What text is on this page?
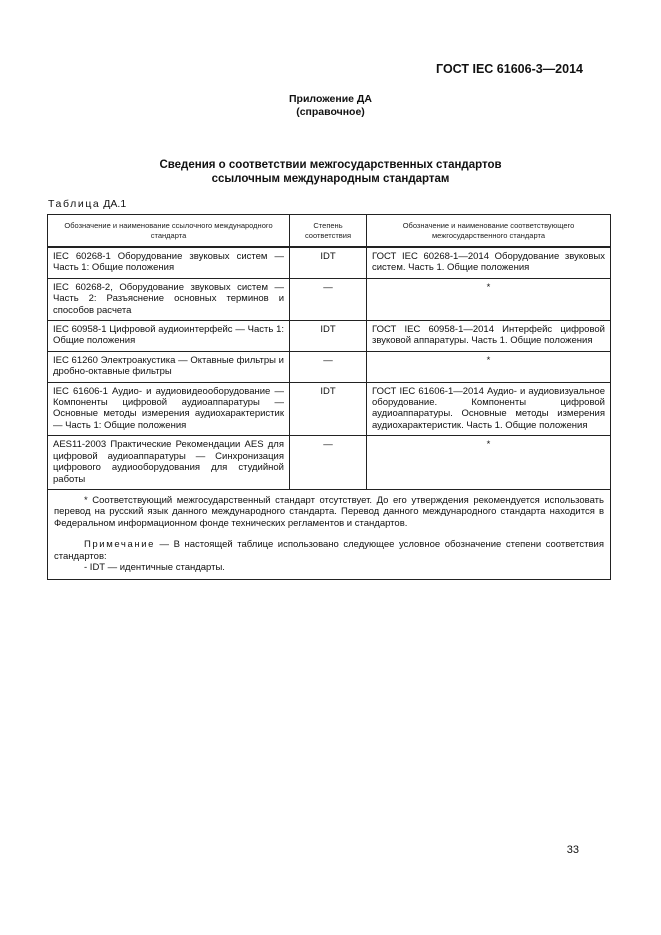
ГОСТ IEC 61606-3—2014
Приложение ДА
(справочное)
Сведения о соответствии межгосударственных стандартов
ссылочным международным стандартам
Таблица ДА.1
Обозначение и наименование ссылочного международного стандарта	Степень соответствия	Обозначение и наименование соответствующего межгосударственного стандарта
IEC 60268-1 Оборудование звуковых систем — Часть 1: Общие положения	IDT	ГОСТ IEC 60268-1—2014 Оборудование звуковых систем. Часть 1. Общие положения
IEC 60268-2, Оборудование звуковых систем — Часть 2: Разъяснение основных терминов и способов расчета	—	*
IEC 60958-1 Цифровой аудиоинтерфейс — Часть 1: Общие положения	IDT	ГОСТ IEC 60958-1—2014 Интерфейс цифровой звуковой аппаратуры. Часть 1. Общие положения
IEC 61260 Электроакустика — Октавные фильтры и дробно-октавные фильтры	—	*
IEC 61606-1 Аудио- и аудиовидеооборудование — Компоненты цифровой аудиоаппаратуры — Основные методы измерения аудиохарактеристик — Часть 1: Общие положения	IDT	ГОСТ IEC 61606-1—2014 Аудио- и аудиовизуальное оборудование. Компоненты цифровой аудиоаппаратуры. Основные методы измерения аудиохарактеристик. Часть 1. Общие положения
AES11-2003 Практические Рекомендации AES для цифровой аудиоаппаратуры — Синхронизация цифрового аудиооборудования для студийной работы	—	*

* Соответствующий межгосударственный стандарт отсутствует. До его утверждения рекомендуется использовать перевод на русский язык данного международного стандарта. Перевод данного международного стандарта находится в Федеральном информационном фонде технических регламентов и стандартов.

Примечание — В настоящей таблице использовано следующее условное обозначение степени соответствия стандартов:

- IDT — идентичные стандарты.		

33
